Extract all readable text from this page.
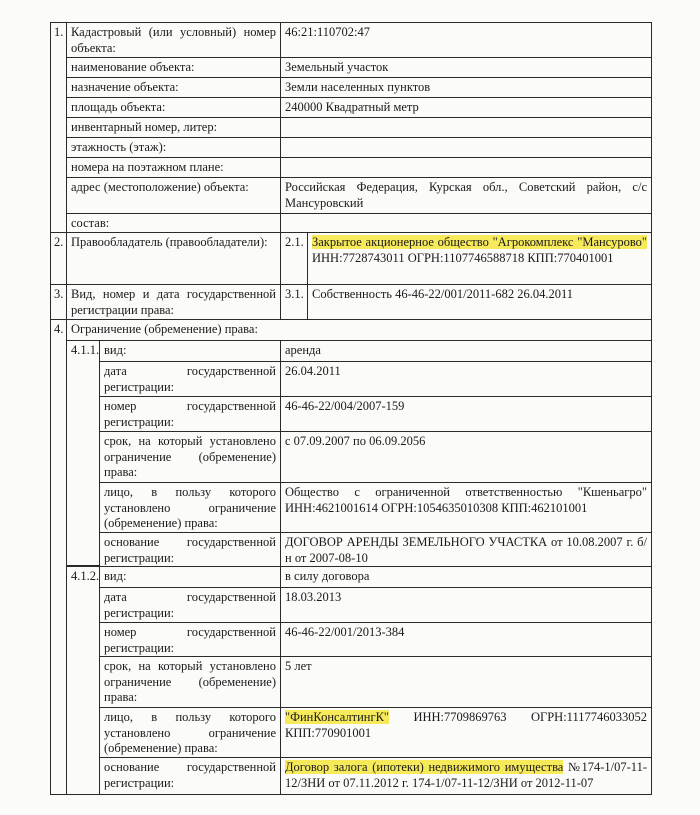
1. Кадастровый (или условный) номер объекта:
46:21:110702:47
наименование объекта:	Земельный участок
назначение объекта:	Земли населенных пунктов
площадь объекта:	240000 Квадратный метр
инвентарный номер, литер:
этажность (этаж):
номера на поэтажном плане:
адрес (местоположение) объекта:	Российская Федерация, Курская обл., Советский район, с/с Мансуровский
состав:
2. Правообладатель (правообладатели):	2.1. Закрытое акционерное общество "Агрокомплекс "Мансурово" ИНН:7728743011 ОГРН:1107746588718 КПП:770401001
3. Вид, номер и дата государственной регистрации права:
3.1. Собственность 46-46-22/001/2011-682 26.04.2011
4. Ограничение (обременение) права:
4.1.1. вид:	аренда
дата государственной регистрации:
26.04.2011
номер государственной регистрации:
46-46-22/004/2007-159
срок, на который установлено ограничение (обременение) права:
с 07.09.2007 по 06.09.2056
лицо, в пользу которого установлено ограничение (обременение) права:
Общество с ограниченной ответственностью "Кшеньагро" ИНН:4621001614 ОГРН:1054635010308 КПП:462101001
основание государственной регистрации:
ДОГОВОР АРЕНДЫ ЗЕМЕЛЬНОГО УЧАСТКА от 10.08.2007 г. б/н от 2007-08-10
4.1.2. вид:	в силу договора
дата государственной регистрации:
18.03.2013
номер государственной регистрации:
46-46-22/001/2013-384
срок, на который установлено ограничение (обременение) права:
5 лет
лицо, в пользу которого установлено ограничение (обременение) права:
"ФинКонсалтингК" ИНН:7709869763 ОГРН:1117746033052 КПП:770901001
основание государственной регистрации:
Договор залога (ипотеки) недвижимого имущества №174-1/07-11-12/ЗНИ от 07.11.2012 г. 174-1/07-11-12/ЗНИ от 2012-11-07
